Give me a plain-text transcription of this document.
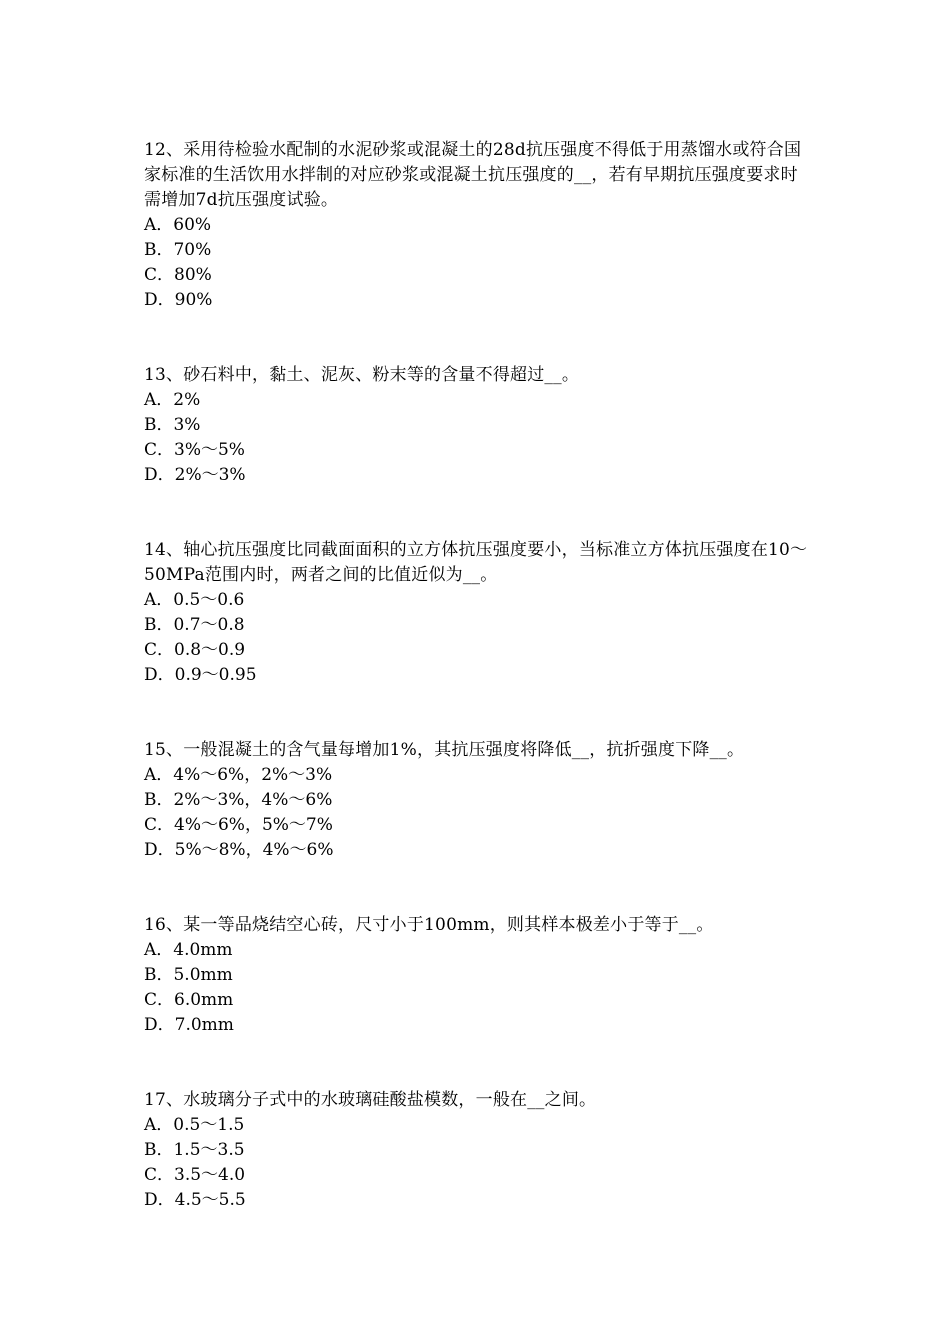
12、采用待检验水配制的水泥砂浆或混凝土的28d抗压强度不得低于用蒸馏水或符合国家标准的生活饮用水拌制的对应砂浆或混凝土抗压强度的__，若有早期抗压强度要求时需增加7d抗压强度试验。

A．60%

B．70%

C．80%

D．90%

13、砂石料中，黏土、泥灰、粉末等的含量不得超过__。

A．2%

B．3%

C．3%～5%

D．2%～3%

14、轴心抗压强度比同截面面积的立方体抗压强度要小，当标准立方体抗压强度在10～50MPa范围内时，两者之间的比值近似为__。

A．0.5～0.6

B．0.7～0.8

C．0.8～0.9

D．0.9～0.95

15、一般混凝土的含气量每增加1%，其抗压强度将降低__，抗折强度下降__。

A．4%～6%，2%～3%

B．2%～3%，4%～6%

C．4%～6%，5%～7%

D．5%～8%，4%～6%

16、某一等品烧结空心砖，尺寸小于100mm，则其样本极差小于等于__。

A．4.0mm

B．5.0mm

C．6.0mm

D．7.0mm

17、水玻璃分子式中的水玻璃硅酸盐模数，一般在__之间。

A．0.5～1.5

B．1.5～3.5

C．3.5～4.0

D．4.5～5.5
